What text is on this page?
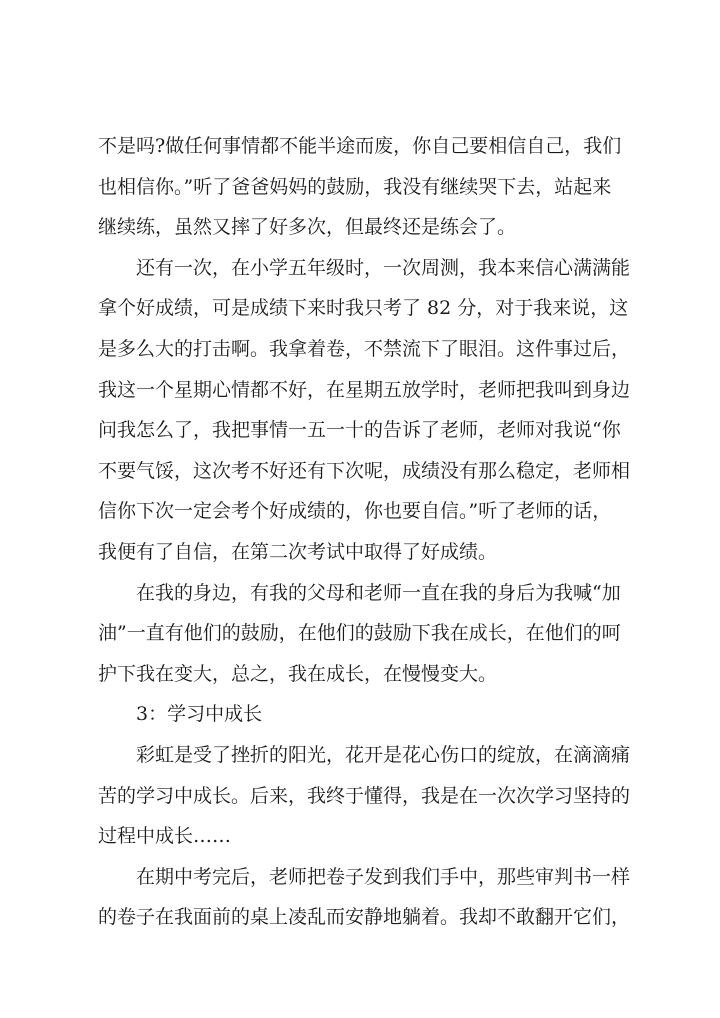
不是吗?做任何事情都不能半途而废，你自己要相信自己，我们
也相信你。”听了爸爸妈妈的鼓励，我没有继续哭下去，站起来
继续练，虽然又摔了好多次，但最终还是练会了。
还有一次，在小学五年级时，一次周测，我本来信心满满能
拿个好成绩，可是成绩下来时我只考了 82 分，对于我来说，这
是多么大的打击啊。我拿着卷，不禁流下了眼泪。这件事过后，
我这一个星期心情都不好，在星期五放学时，老师把我叫到身边
问我怎么了，我把事情一五一十的告诉了老师，老师对我说“你
不要气馁，这次考不好还有下次呢，成绩没有那么稳定，老师相
信你下次一定会考个好成绩的，你也要自信。”听了老师的话，
我便有了自信，在第二次考试中取得了好成绩。
在我的身边，有我的父母和老师一直在我的身后为我喊“加
油”一直有他们的鼓励，在他们的鼓励下我在成长，在他们的呵
护下我在变大，总之，我在成长，在慢慢变大。
3：学习中成长
彩虹是受了挫折的阳光，花开是花心伤口的绽放，在滴滴痛
苦的学习中成长。后来，我终于懂得，我是在一次次学习坚持的
过程中成长……
在期中考完后，老师把卷子发到我们手中，那些审判书一样
的卷子在我面前的桌上凌乱而安静地躺着。我却不敢翻开它们，
